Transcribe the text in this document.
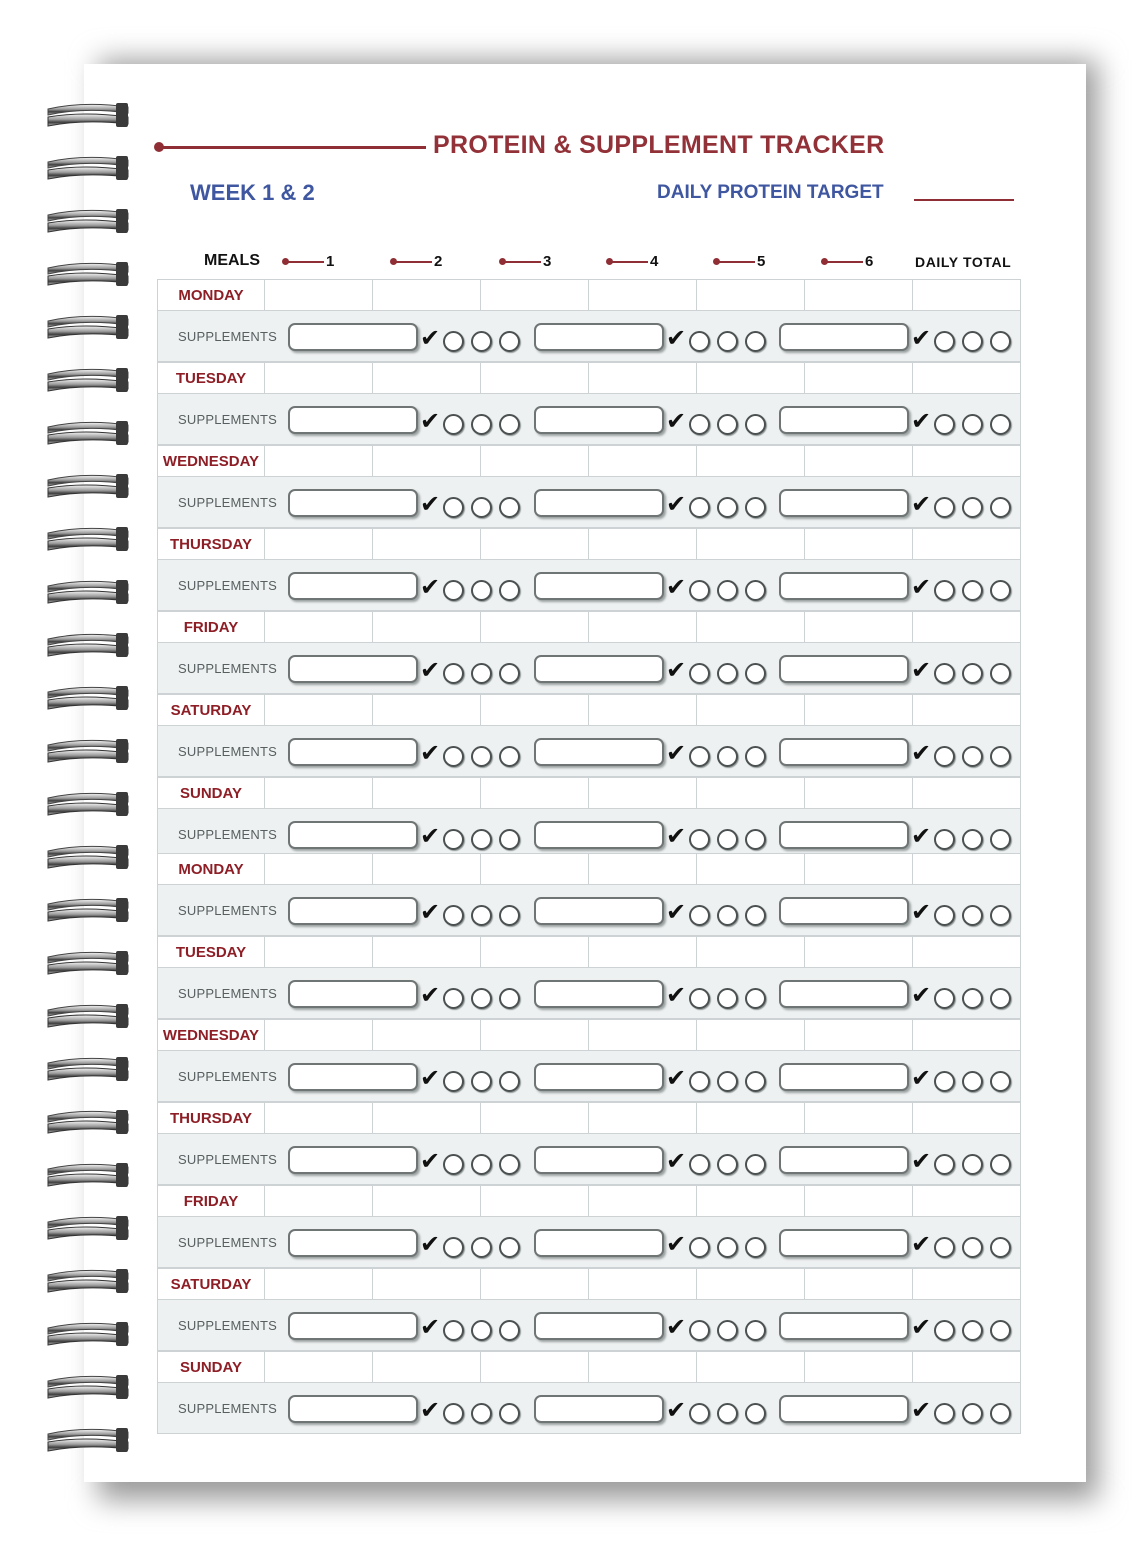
PROTEIN & SUPPLEMENT TRACKER
WEEK 1 & 2	DAILY PROTEIN TARGET
MEALS	1	2	3	4	5	6	DAILY TOTAL
MONDAY
SUPPLEMENTS	✔	✔	✔
TUESDAY
SUPPLEMENTS	✔	✔	✔
WEDNESDAY
SUPPLEMENTS	✔	✔	✔
THURSDAY
SUPPLEMENTS	✔	✔	✔
FRIDAY
SUPPLEMENTS	✔	✔	✔
SATURDAY
SUPPLEMENTS	✔	✔	✔
SUNDAY
SUPPLEMENTS	✔	✔	✔
MONDAY
SUPPLEMENTS	✔	✔	✔
TUESDAY
SUPPLEMENTS	✔	✔	✔
WEDNESDAY
SUPPLEMENTS	✔	✔	✔
THURSDAY
SUPPLEMENTS	✔	✔	✔
FRIDAY
SUPPLEMENTS	✔	✔	✔
SATURDAY
SUPPLEMENTS	✔	✔	✔
SUNDAY
SUPPLEMENTS	✔	✔	✔
